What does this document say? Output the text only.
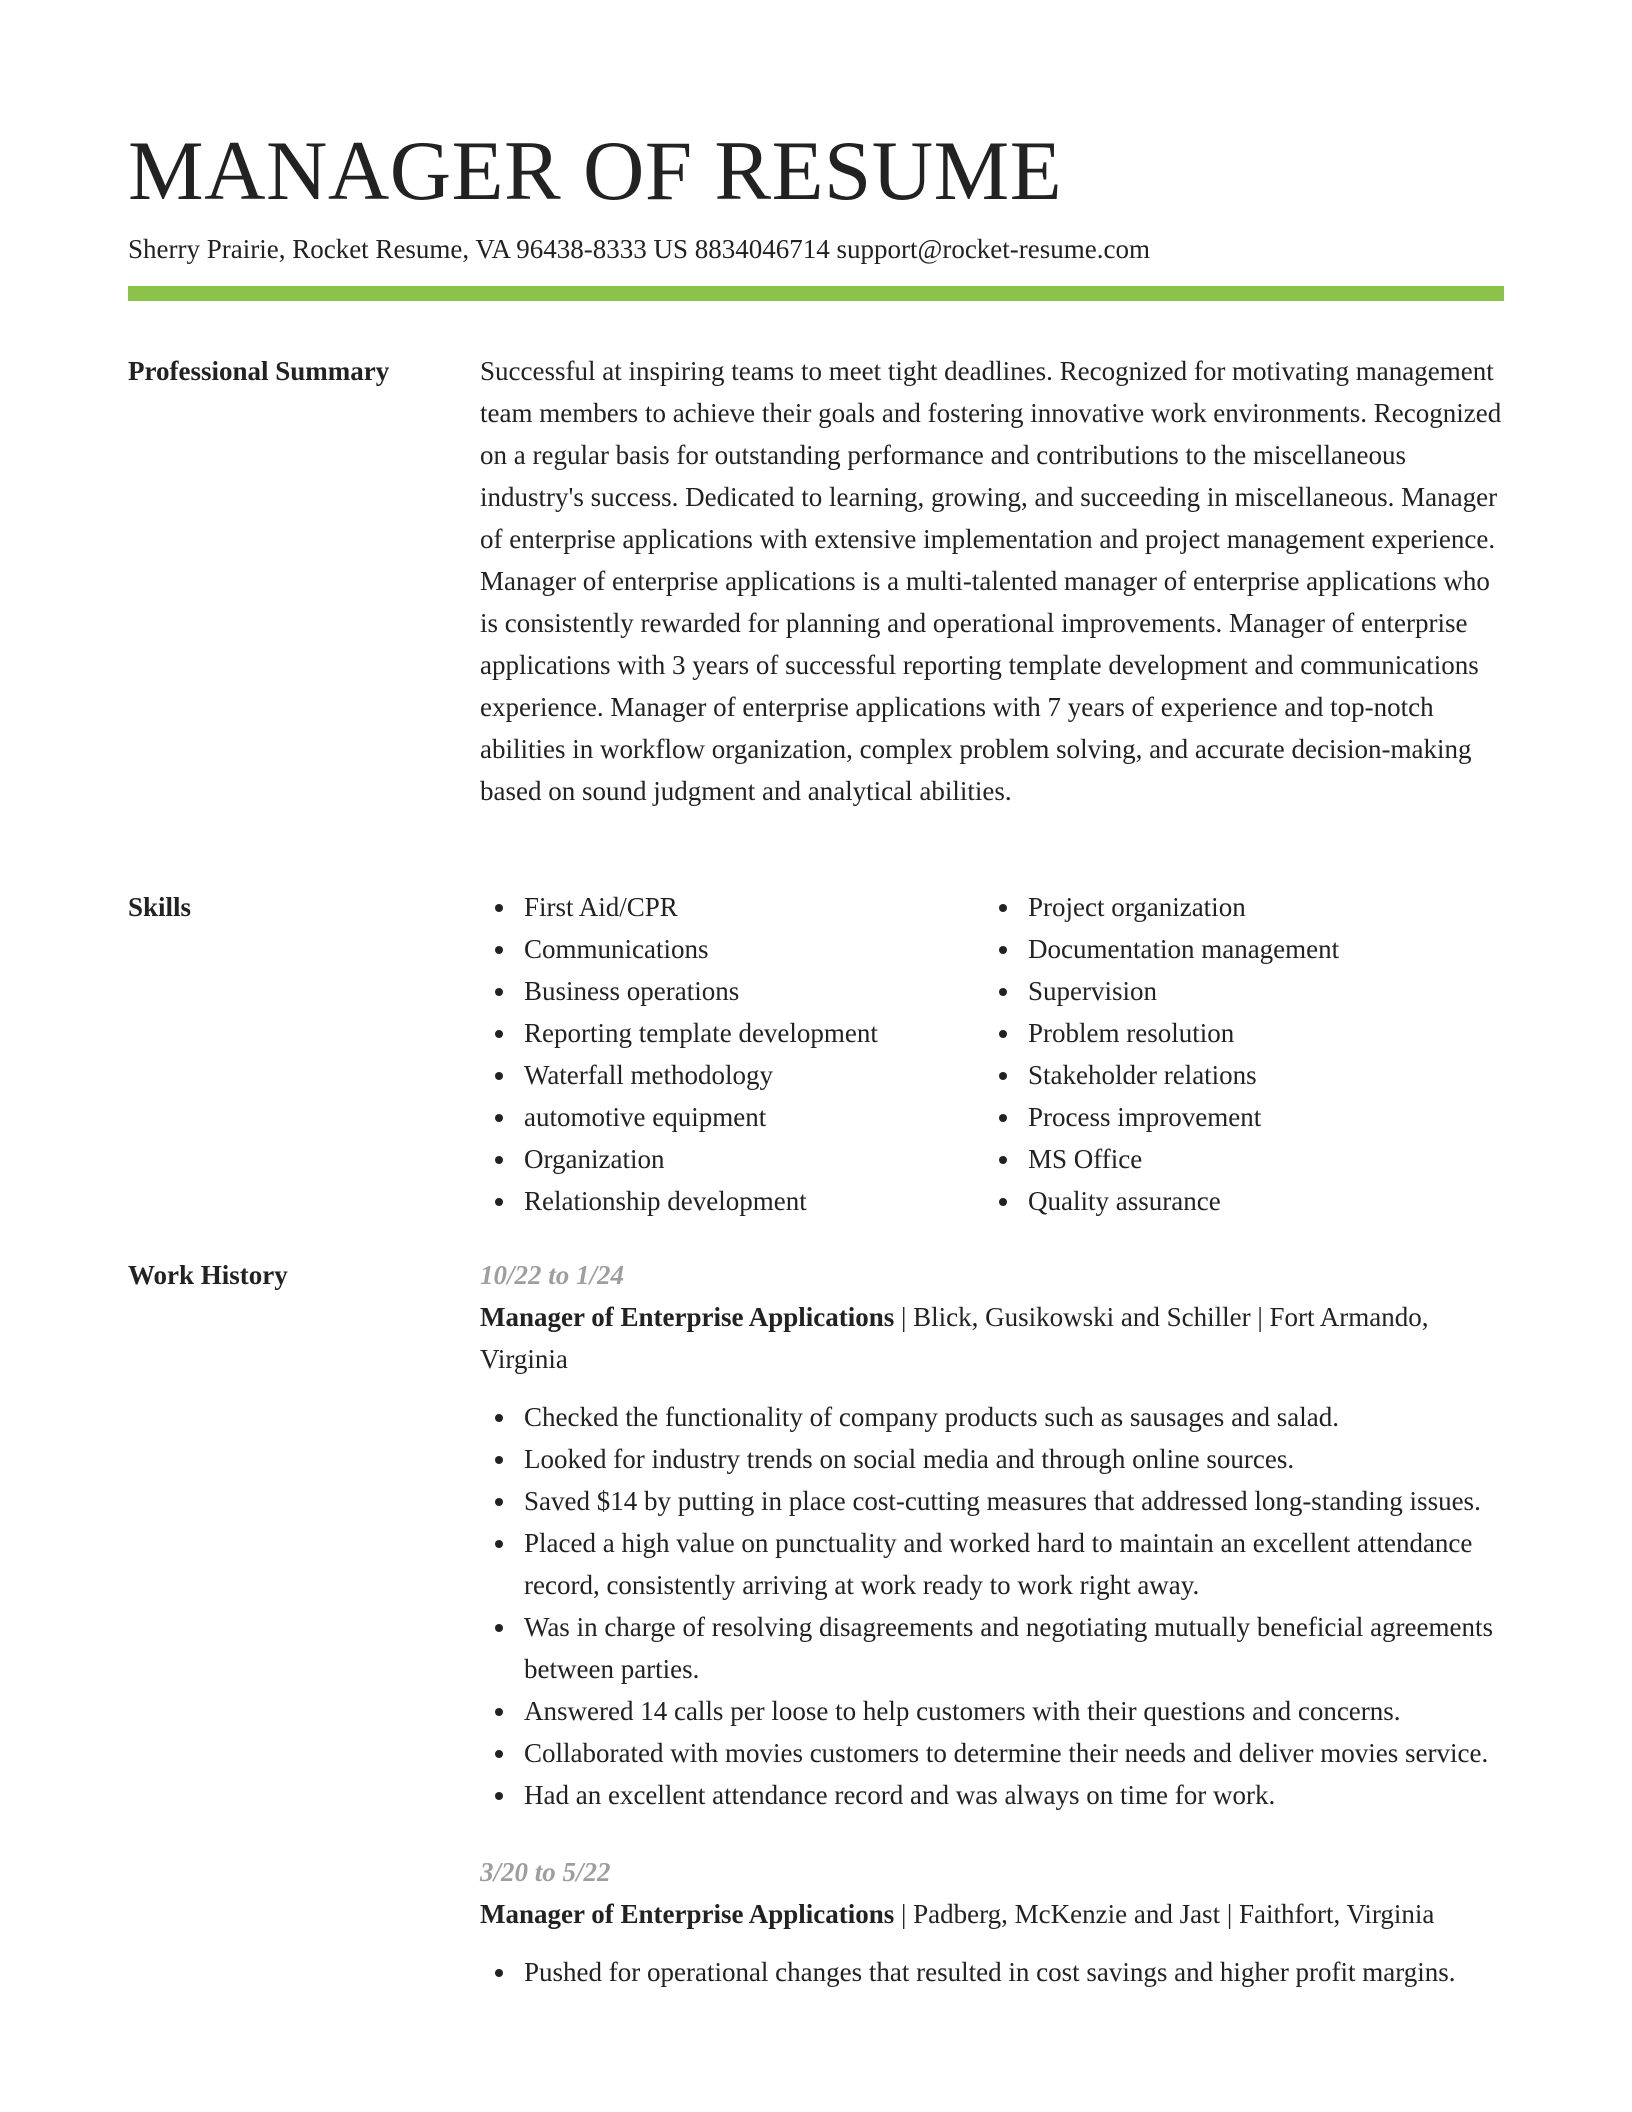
MANAGER OF RESUME
Sherry Prairie, Rocket Resume, VA 96438-8333 US 8834046714 support@rocket-resume.com
Professional Summary	Successful at inspiring teams to meet tight deadlines. Recognized for motivating management team members to achieve their goals and fostering innovative work environments. Recognized on a regular basis for outstanding performance and contributions to the miscellaneous industry's success. Dedicated to learning, growing, and succeeding in miscellaneous. Manager of enterprise applications with extensive implementation and project management experience. Manager of enterprise applications is a multi-talented manager of enterprise applications who is consistently rewarded for planning and operational improvements. Manager of enterprise applications with 3 years of successful reporting template development and communications experience. Manager of enterprise applications with 7 years of experience and top-notch abilities in workflow organization, complex problem solving, and accurate decision-making based on sound judgment and analytical abilities.

Skills	First Aid/CPR
Communications
Business operations
Reporting template development
Waterfall methodology
automotive equipment
Organization
Relationship development
Project organization
Documentation management
Supervision
Problem resolution
Stakeholder relations
Process improvement
MS Office
Quality assurance
Work History	10/22 to 1/24
Manager of Enterprise Applications | Blick, Gusikowski and Schiller | Fort Armando, Virginia
Checked the functionality of company products such as sausages and salad.
Looked for industry trends on social media and through online sources.
Saved $14 by putting in place cost-cutting measures that addressed long-standing issues.
Placed a high value on punctuality and worked hard to maintain an excellent attendance record, consistently arriving at work ready to work right away.
Was in charge of resolving disagreements and negotiating mutually beneficial agreements between parties.
Answered 14 calls per loose to help customers with their questions and concerns.
Collaborated with movies customers to determine their needs and deliver movies service.
Had an excellent attendance record and was always on time for work.
3/20 to 5/22
Manager of Enterprise Applications | Padberg, McKenzie and Jast | Faithfort, Virginia
Pushed for operational changes that resulted in cost savings and higher profit margins.
